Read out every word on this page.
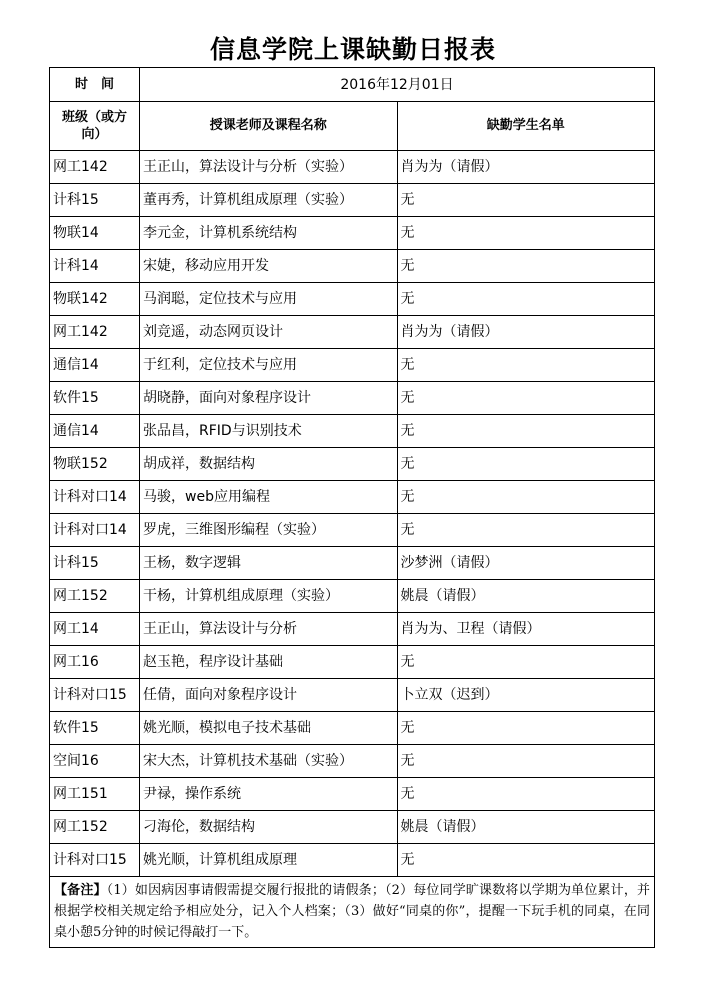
信息学院上课缺勤日报表
时　间	2016年12月01日	
班级（或方向）	授课老师及课程名称	缺勤学生名单
网工142	王正山，算法设计与分析（实验）	肖为为（请假）
计科15	董再秀，计算机组成原理（实验）	无
物联14	李元金，计算机系统结构	无
计科14	宋婕，移动应用开发	无
物联142	马润聪，定位技术与应用	无
网工142	刘竞遥，动态网页设计	肖为为（请假）
通信14	于红利，定位技术与应用	无
软件15	胡晓静，面向对象程序设计	无
通信14	张品昌，RFID与识别技术	无
物联152	胡成祥，数据结构	无
计科对口14	马骏，web应用编程	无
计科对口14	罗虎，三维图形编程（实验）	无
计科15	王杨，数字逻辑	沙梦洲（请假）
网工152	干杨，计算机组成原理（实验）	姚晨（请假）
网工14	王正山，算法设计与分析	肖为为、卫程（请假）
网工16	赵玉艳，程序设计基础	无
计科对口15	任倩，面向对象程序设计	卜立双（迟到）
软件15	姚光顺，模拟电子技术基础	无
空间16	宋大杰，计算机技术基础（实验）	无
网工151	尹禄，操作系统	无
网工152	刁海伦，数据结构	姚晨（请假）
计科对口15	姚光顺，计算机组成原理	无
【备注】（1）如因病因事请假需提交履行报批的请假条；（2）每位同学旷课数将以学期为单位累计，并根据学校相关规定给予相应处分，记入个人档案；（3）做好“同桌的你”，提醒一下玩手机的同桌，在同桌小憩5分钟的时候记得敲打一下。		
